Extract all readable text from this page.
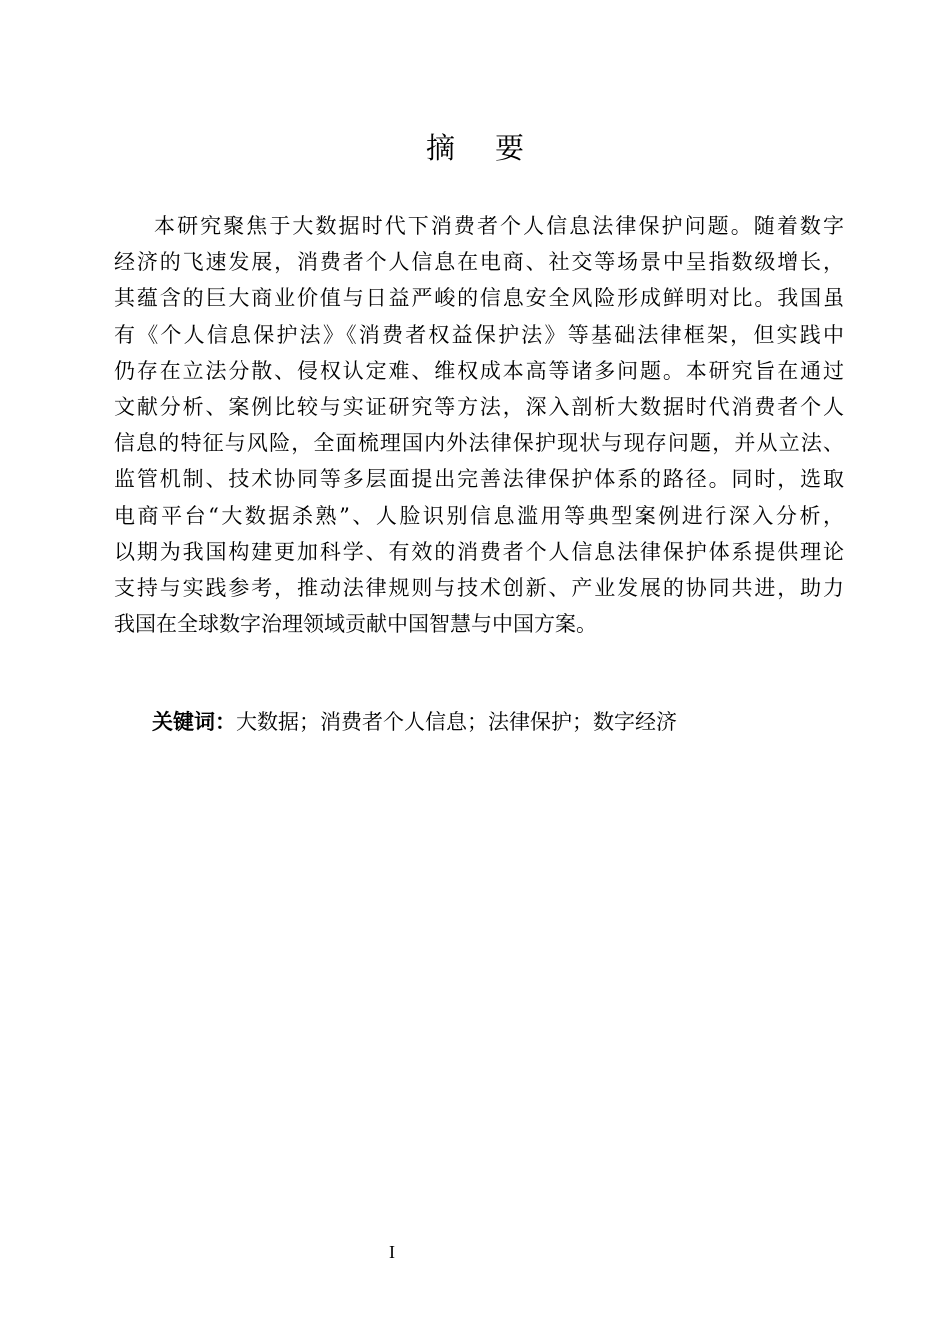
摘 要
本研究聚焦于大数据时代下消费者个人信息法律保护问题。随着数字
经济的飞速发展，消费者个人信息在电商、社交等场景中呈指数级增长，
其蕴含的巨大商业价值与日益严峻的信息安全风险形成鲜明对比。我国虽
有《个人信息保护法》《消费者权益保护法》等基础法律框架，但实践中
仍存在立法分散、侵权认定难、维权成本高等诸多问题。本研究旨在通过
文献分析、案例比较与实证研究等方法，深入剖析大数据时代消费者个人
信息的特征与风险，全面梳理国内外法律保护现状与现存问题，并从立法、
监管机制、技术协同等多层面提出完善法律保护体系的路径。同时，选取
电商平台“大数据杀熟”、人脸识别信息滥用等典型案例进行深入分析，
以期为我国构建更加科学、有效的消费者个人信息法律保护体系提供理论
支持与实践参考，推动法律规则与技术创新、产业发展的协同共进，助力
我国在全球数字治理领域贡献中国智慧与中国方案。
关键词：大数据；消费者个人信息；法律保护；数字经济
I
